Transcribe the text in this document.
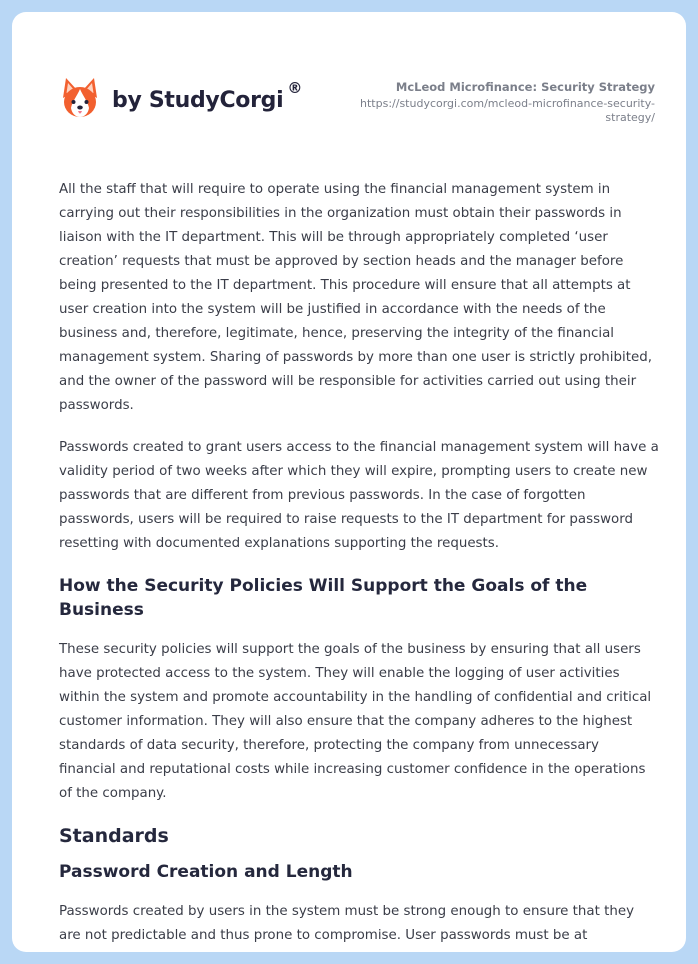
by StudyCorgi ®	McLeod Microfinance: Security Strategy
https://studycorgi.com/mcleod-microfinance-security-strategy/

All the staff that will require to operate using the financial management system in carrying out their responsibilities in the organization must obtain their passwords in liaison with the IT department. This will be through appropriately completed ‘user creation’ requests that must be approved by section heads and the manager before being presented to the IT department. This procedure will ensure that all attempts at user creation into the system will be justified in accordance with the needs of the business and, therefore, legitimate, hence, preserving the integrity of the financial management system. Sharing of passwords by more than one user is strictly prohibited, and the owner of the password will be responsible for activities carried out using their passwords.

Passwords created to grant users access to the financial management system will have a validity period of two weeks after which they will expire, prompting users to create new passwords that are different from previous passwords. In the case of forgotten passwords, users will be required to raise requests to the IT department for password resetting with documented explanations supporting the requests.

How the Security Policies Will Support the Goals of the Business

These security policies will support the goals of the business by ensuring that all users have protected access to the system. They will enable the logging of user activities within the system and promote accountability in the handling of confidential and critical customer information. They will also ensure that the company adheres to the highest standards of data security, therefore, protecting the company from unnecessary financial and reputational costs while increasing customer confidence in the operations of the company.

Standards
Password Creation and Length

Passwords created by users in the system must be strong enough to ensure that they are not predictable and thus prone to compromise. User passwords must be at
